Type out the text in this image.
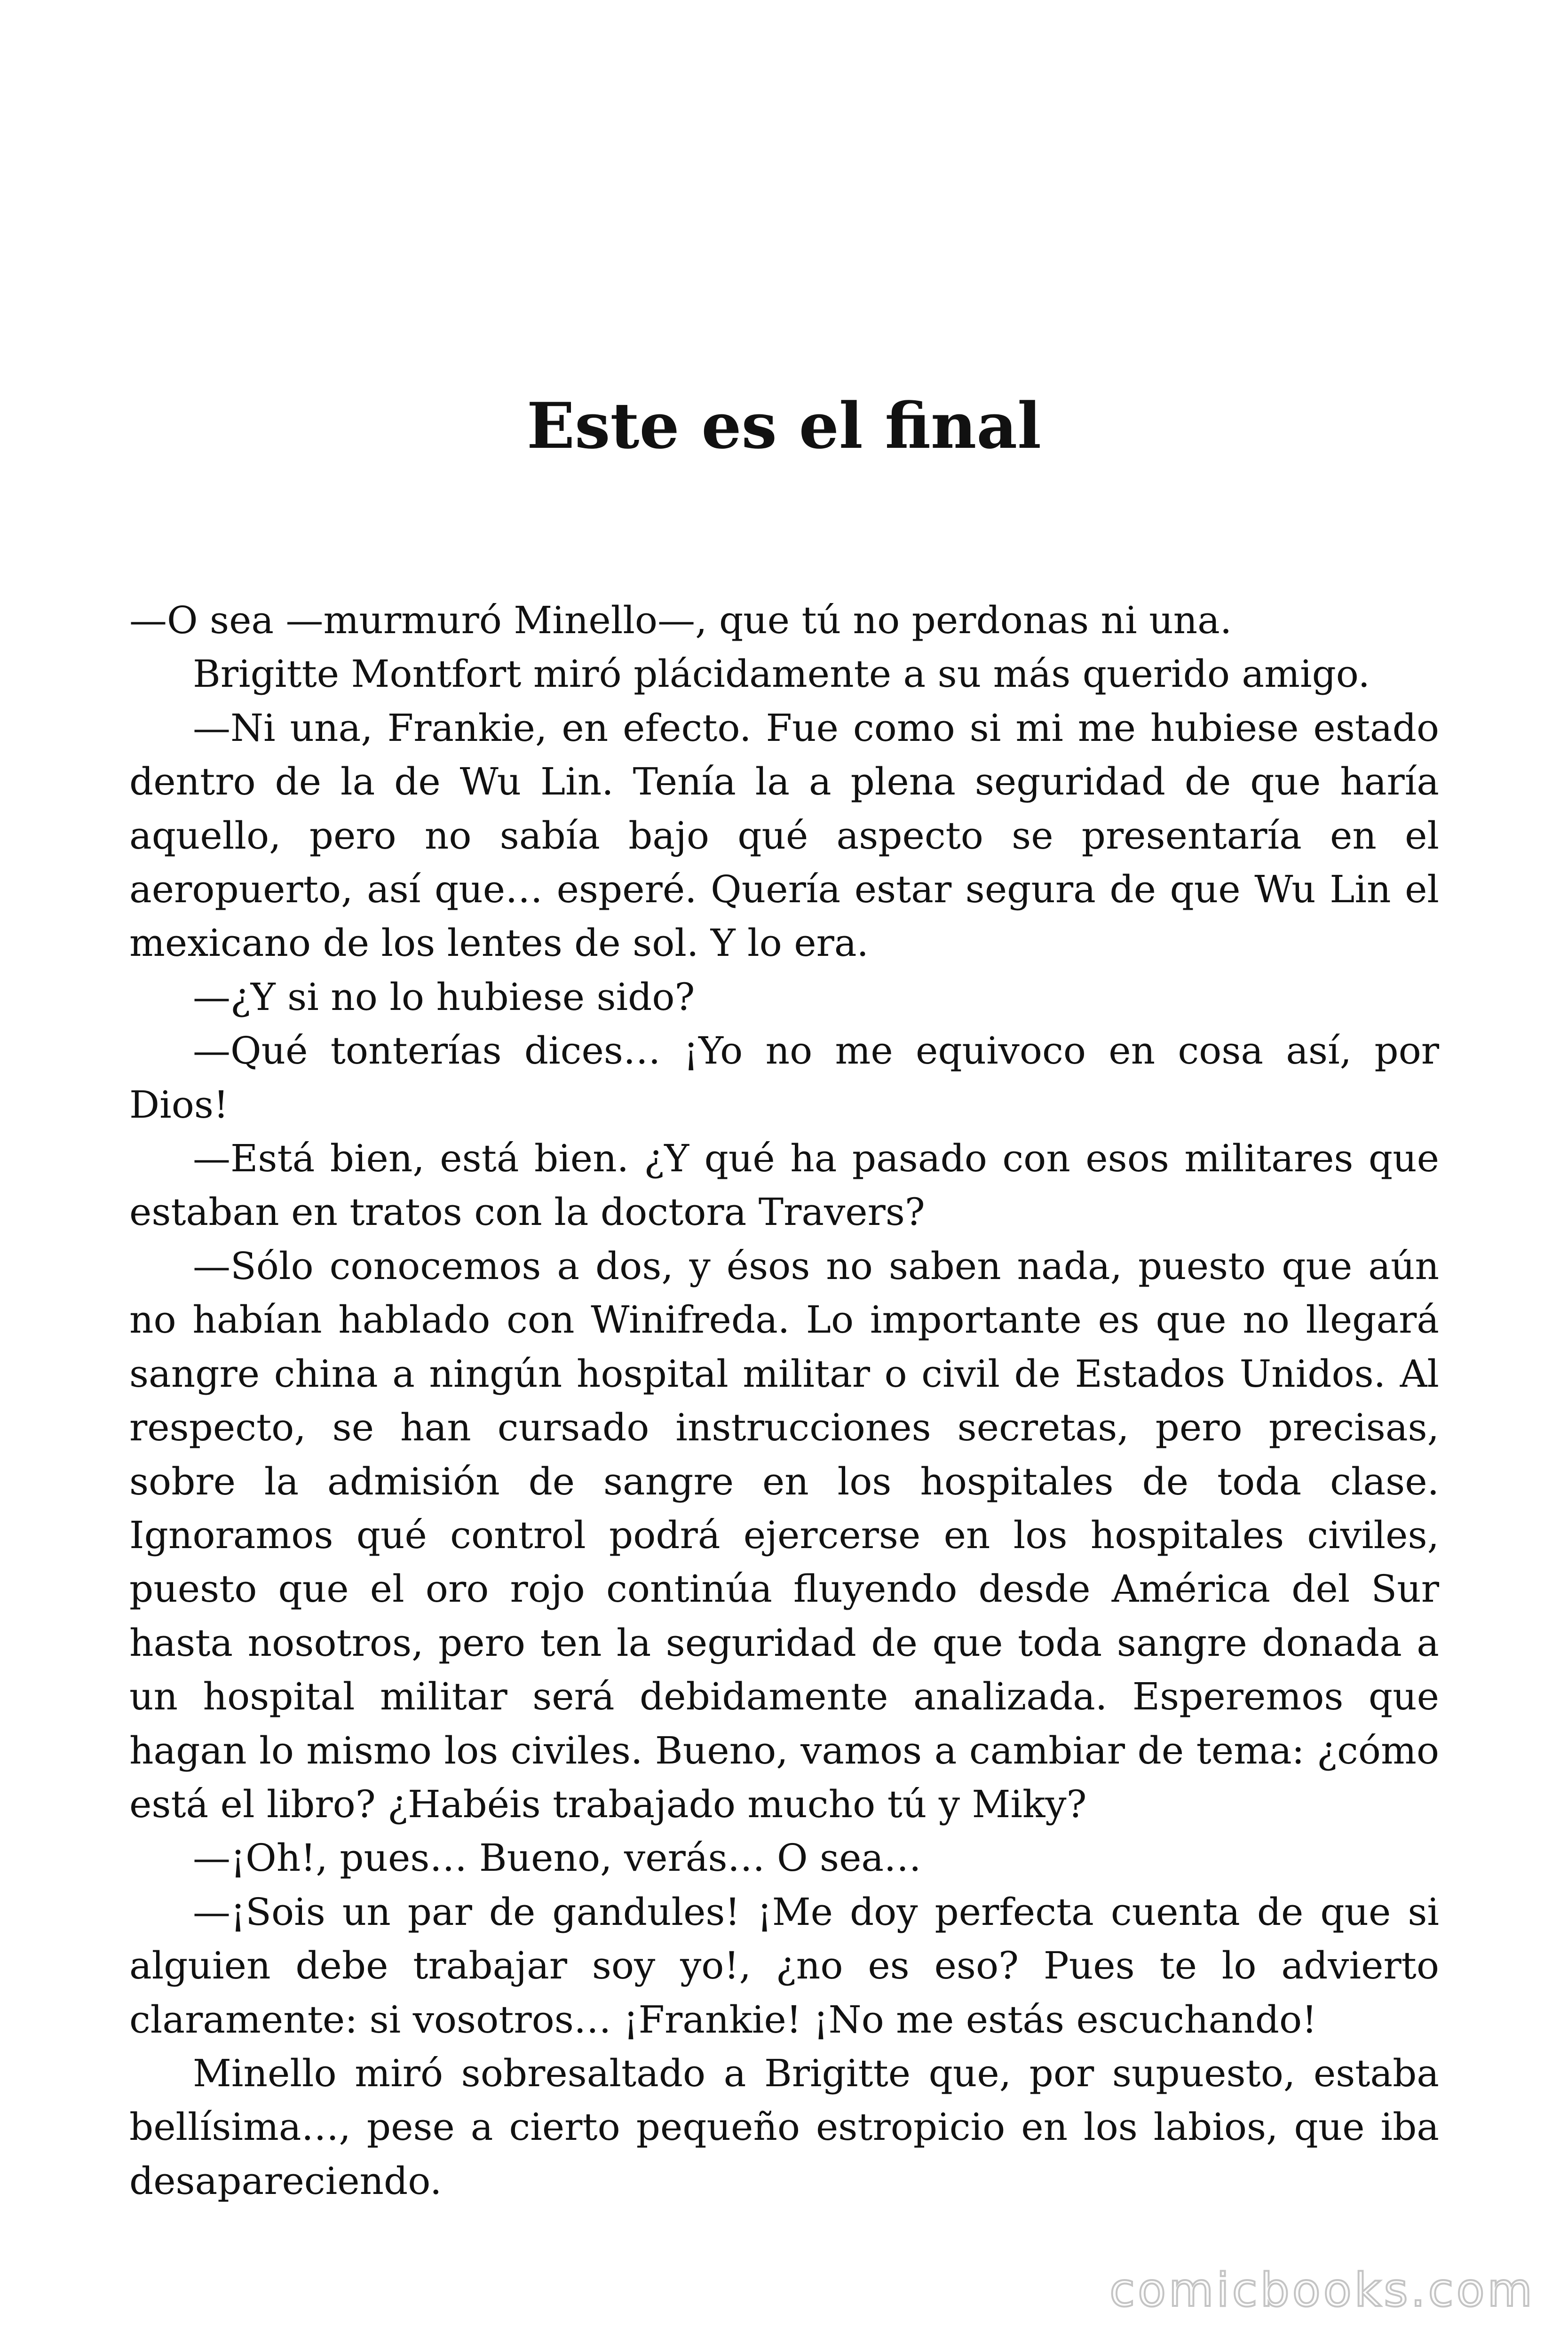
Este es el final

—O sea —murmuró Minello—, que tú no perdonas ni una.

Brigitte Montfort miró plácidamente a su más querido amigo.

—Ni una, Frankie, en efecto. Fue como si mi me hubiese estado dentro de la de Wu Lin. Tenía la a plena seguridad de que haría aquello, pero no sabía bajo qué aspecto se presentaría en el aeropuerto, así que… esperé. Quería estar segura de que Wu Lin el mexicano de los lentes de sol. Y lo era.

—¿Y si no lo hubiese sido?

—Qué tonterías dices… ¡Yo no me equivoco en cosa así, por Dios!

—Está bien, está bien. ¿Y qué ha pasado con esos militares que estaban en tratos con la doctora Travers?

—Sólo conocemos a dos, y ésos no saben nada, puesto que aún no habían hablado con Winifreda. Lo importante es que no llegará sangre china a ningún hospital militar o civil de Estados Unidos. Al respecto, se han cursado instrucciones secretas, pero precisas, sobre la admisión de sangre en los hospitales de toda clase. Ignoramos qué control podrá ejercerse en los hospitales civiles, puesto que el oro rojo continúa fluyendo desde América del Sur hasta nosotros, pero ten la seguridad de que toda sangre donada a un hospital militar será debidamente analizada. Esperemos que hagan lo mismo los civiles. Bueno, vamos a cambiar de tema: ¿cómo está el libro? ¿Habéis trabajado mucho tú y Miky?

—¡Oh!, pues… Bueno, verás… O sea…

—¡Sois un par de gandules! ¡Me doy perfecta cuenta de que si alguien debe trabajar soy yo!, ¿no es eso? Pues te lo advierto claramente: si vosotros… ¡Frankie! ¡No me estás escuchando!

Minello miró sobresaltado a Brigitte que, por supuesto, estaba bellísima…, pese a cierto pequeño estropicio en los labios, que iba desapareciendo.

comicbooks.com
